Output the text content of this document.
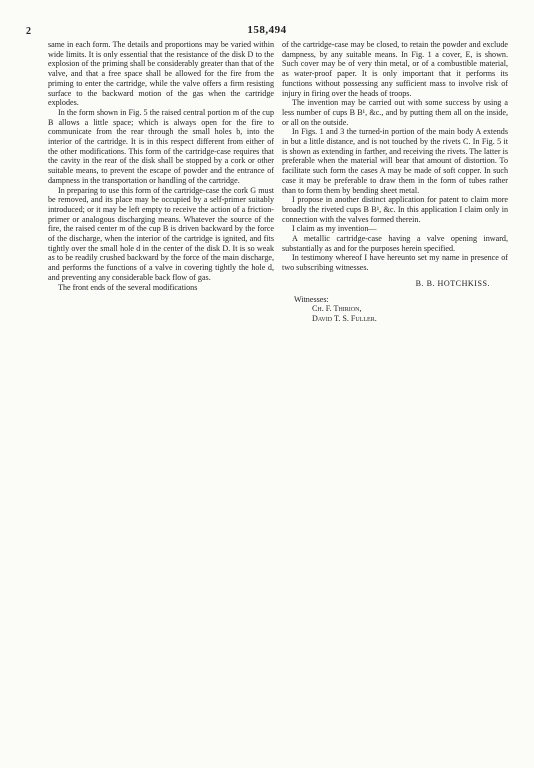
2	158,494

same in each form. The details and proportions may be varied within wide limits. It is only essential that the resistance of the disk D to the explosion of the priming shall be considerably greater than that of the valve, and that a free space shall be allowed for the fire from the priming to enter the cartridge, while the valve offers a firm resisting surface to the backward motion of the gas when the cartridge explodes.

In the form shown in Fig. 5 the raised central portion m of the cup B allows a little space; which is always open for the fire to communicate from the rear through the small holes b, into the interior of the cartridge. It is in this respect different from either of the other modifications. This form of the cartridge-case requires that the cavity in the rear of the disk shall be stopped by a cork or other suitable means, to prevent the escape of powder and the entrance of dampness in the transportation or handling of the cartridge.

In preparing to use this form of the cartridge-case the cork G must be removed, and its place may be occupied by a self-primer suitably introduced; or it may be left empty to receive the action of a friction-primer or analogous discharging means. Whatever the source of the fire, the raised center m of the cup B is driven backward by the force of the discharge, when the interior of the cartridge is ignited, and fits tightly over the small hole d in the center of the disk D. It is so weak as to be readily crushed backward by the force of the main discharge, and performs the functions of a valve in covering tightly the hole d, and preventing any considerable back flow of gas.

The front ends of the several modifications

of the cartridge-case may be closed, to retain the powder and exclude dampness, by any suitable means. In Fig. 1 a cover, E, is shown. Such cover may be of very thin metal, or of a combustible material, as water-proof paper. It is only important that it performs its functions without possessing any sufficient mass to involve risk of injury in firing over the heads of troops.

The invention may be carried out with some success by using a less number of cups B B¹, &c., and by putting them all on the inside, or all on the outside.

In Figs. 1 and 3 the turned-in portion of the main body A extends in but a little distance, and is not touched by the rivets C. In Fig. 5 it is shown as extending in farther, and receiving the rivets. The latter is preferable when the material will bear that amount of distortion. To facilitate such form the cases A may be made of soft copper. In such case it may be preferable to draw them in the form of tubes rather than to form them by bending sheet metal.

I propose in another distinct application for patent to claim more broadly the riveted cups B B¹, &c. In this application I claim only in connection with the valves formed therein.

I claim as my invention—

A metallic cartridge-case having a valve opening inward, substantially as and for the purposes herein specified.

In testimony whereof I have hereunto set my name in presence of two subscribing witnesses.

B. B. HOTCHKISS.
Witnesses:
Ch. F. Thirion,
David T. S. Fuller.
